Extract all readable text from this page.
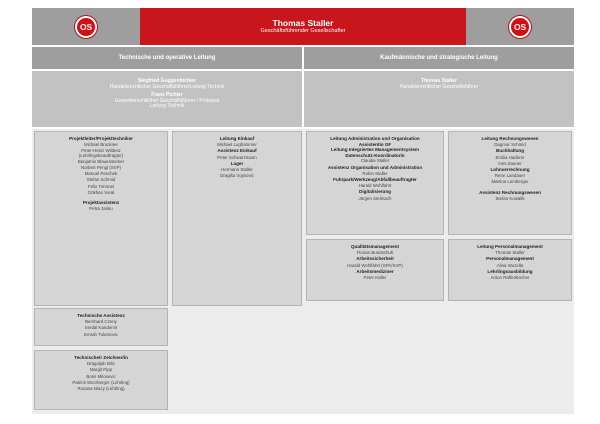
OS	Thomas Staller
Geschäftsführender Gesellschafter	OS
Technische und operative Leitung	Kaufmännische und strategische Leitung
Siegfried Guggenbichler
Handelsrechtlicher Geschäftsführer/Leitung Technik
Franz Pichler
Gewerberechtlicher Geschäftsführer / Prokurist
Leitung Technik
Thomas Staller
Handelsrechtlicher Geschäftsführer
Projektleiter/Projekttechniker
Michael Bruckner
Peter-Heinz Wildesz
(Lehrlingsbeauftragter)
Benjamin Blauensteiner
Norbert Pengl (SVP)
Manuel Peschek
Stefan Schmid
Felix Trimmel
Gökhan Vural
Projektassistenz
Petra Janku
Leitung Einkauf
Michael Lughammer
Assistenz Einkauf
Peter Schwarzmann
Lager
Hermann Staller
Dragiša Vojinovic
Leitung Administration und Organisation
Assistentin GF
Leitung Integriertes Managementsystem
Datenschutz-Koordinatorin
Claudia Staller
Assistenz Organisation und Administration
Robin Staller
Fuhrpark/Werkzeug/Abfallbeauftragter
Harald Wohlfahrt
Digitalisierung
Jürgen Stelmach
Leitung Rechnungswesen
Dagmar Schmid
Buchhaltung
Emilia Haderer
Ines Zauner
Lohnverrechnung
Rene Landauer
Martina Lemberger
Assistenz Rechnungswesen
Stefan Kowalik
Qualitätsmanagement
Florian Bundschuh
Arbeitssicherheit
Harald Wohlfahrt (SFK/SVP)
Arbeitsmediziner
Peter Kaller
Leitung Personalmanagement
Thomas Staller
Personalmanagement
Alina Wuzella
Lehrlingsausbildung
Anton Raffenböcher
Technische Assistenz
Bernhard Czeny
Serdal Kandemir
Emrah Tulumovic
Technische/r Zeichner/in
Dragoljub Bilic
Margit Pipp
Boris Milosevic
Patrick Wurzberger (Lehrling)
Roxana Niazy (Lehrling)
